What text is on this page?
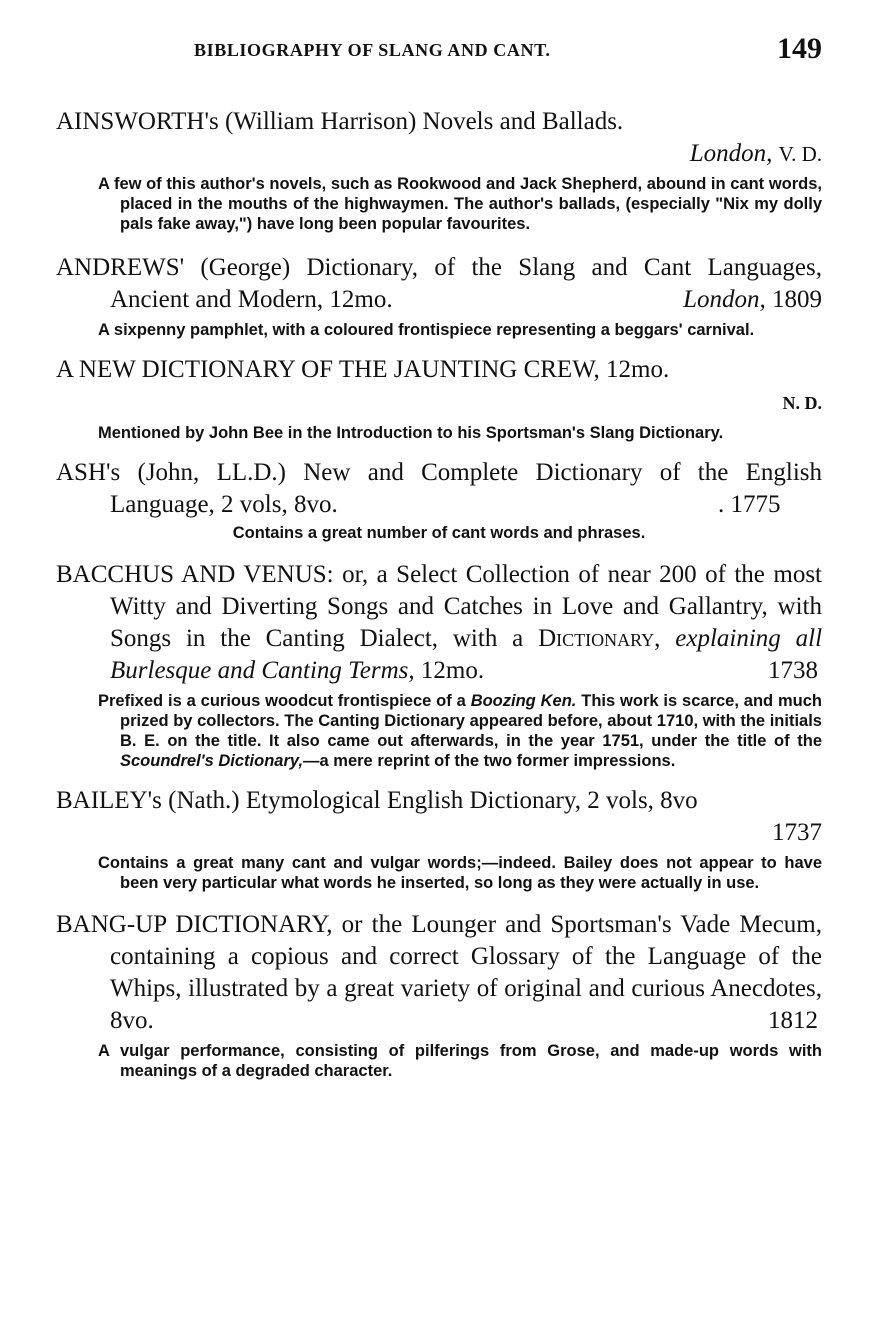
BIBLIOGRAPHY OF SLANG AND CANT.	149
AINSWORTH's (William Harrison) Novels and Ballads.
London, V. D.
A few of this author's novels, such as Rookwood and Jack Shepherd, abound in cant words, placed in the mouths of the highwaymen. The author's ballads, (especially "Nix my dolly pals fake away,") have long been popular favourites.
ANDREWS' (George) Dictionary, of the Slang and Cant Languages, Ancient and Modern, 12mo.	London, 1809
A sixpenny pamphlet, with a coloured frontispiece representing a beggars' carnival.
A NEW DICTIONARY OF THE JAUNTING CREW, 12mo.
N. D.
Mentioned by John Bee in the Introduction to his Sportsman's Slang Dictionary.
ASH's (John, LL.D.) New and Complete Dictionary of the English Language, 2 vols, 8vo.	. 1775
Contains a great number of cant words and phrases.
BACCHUS AND VENUS: or, a Select Collection of near 200 of the most Witty and Diverting Songs and Catches in Love and Gallantry, with Songs in the Canting Dialect, with a Dictionary, explaining all Burlesque and Canting Terms, 12mo.	1738
Prefixed is a curious woodcut frontispiece of a Boozing Ken. This work is scarce, and much prized by collectors. The Canting Dictionary appeared before, about 1710, with the initials B. E. on the title. It also came out afterwards, in the year 1751, under the title of the Scoundrel's Dictionary,—a mere reprint of the two former impressions.
BAILEY's (Nath.) Etymological English Dictionary, 2 vols, 8vo
1737
Contains a great many cant and vulgar words;—indeed. Bailey does not appear to have been very particular what words he inserted, so long as they were actually in use.
BANG-UP DICTIONARY, or the Lounger and Sportsman's Vade Mecum, containing a copious and correct Glossary of the Language of the Whips, illustrated by a great variety of original and curious Anecdotes, 8vo.	1812
A vulgar performance, consisting of pilferings from Grose, and made-up words with meanings of a degraded character.
